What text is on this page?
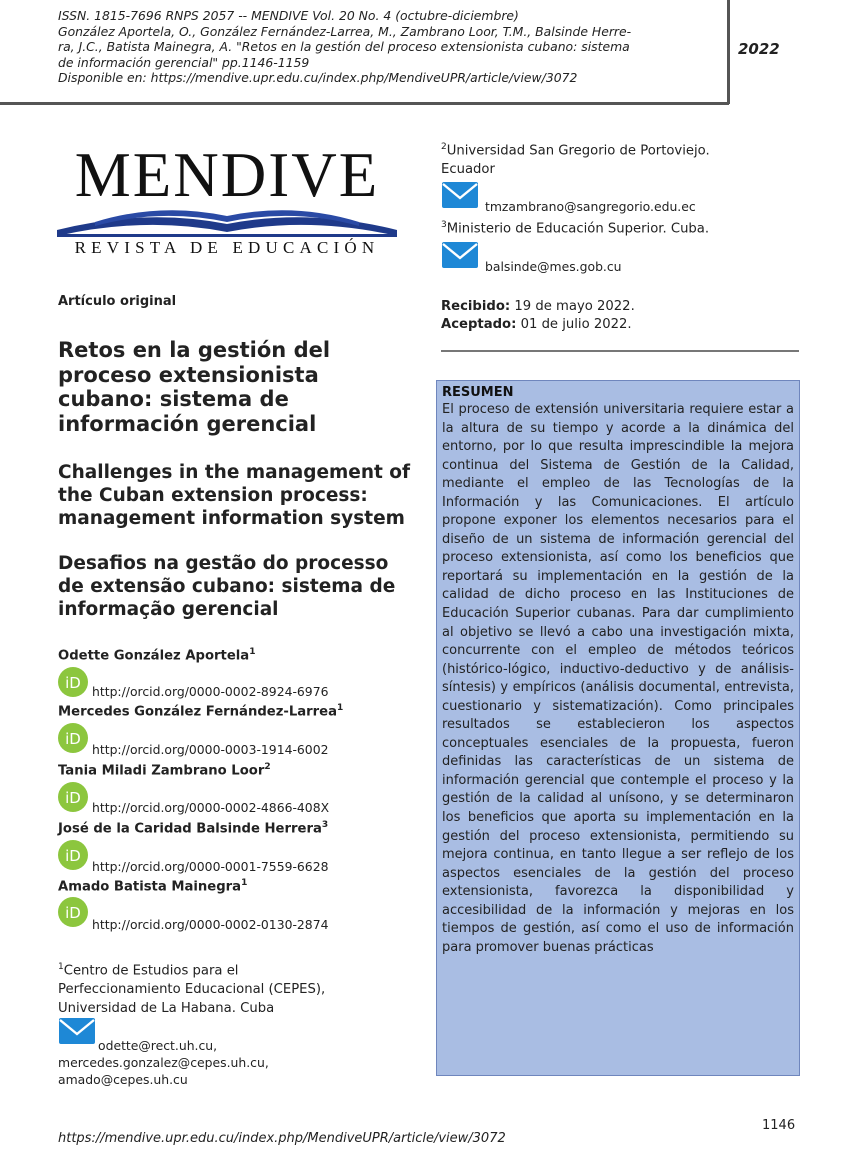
ISSN. 1815-7696 RNPS 2057 -- MENDIVE Vol. 20 No. 4 (octubre-diciembre)
González Aportela, O., González Fernández-Larrea, M., Zambrano Loor, T.M., Balsinde Herre-
ra, J.C., Batista Mainegra, A. "Retos en la gestión del proceso extensionista cubano: sistema
de información gerencial" pp.1146-1159
Disponible en: https://mendive.upr.edu.cu/index.php/MendiveUPR/article/view/3072
2022
MENDIVE
REVISTA DE EDUCACIÓN
Artículo original
Retos en la gestión del proceso extensionista cubano: sistema de información gerencial
Challenges in the management of the Cuban extension process: management information system
Desafios na gestão do processo de extensão cubano: sistema de informação gerencial
Odette González Aportela$^1$
iD http://orcid.org/0000-0002-8924-6976
Mercedes González Fernández-Larrea$^1$
iD
http://orcid.org/0000-0003-1914-6002
Tania Miladi Zambrano Loor$^2$
iD
http://orcid.org/0000-0002-4866-408X
José de la Caridad Balsinde Herrera$^3$
iD
http://orcid.org/0000-0001-7559-6628
Amado Batista Mainegra$^1$
iD
http://orcid.org/0000-0002-0130-2874
$^1$Centro de Estudios para el
Perfeccionamiento Educacional (CEPES),
Universidad de La Habana. Cuba
odette@rect.uh.cu,
mercedes.gonzalez@cepes.uh.cu,
amado@cepes.uh.cu
$^2$Universidad San Gregorio de Portoviejo.
Ecuador
tmzambrano@sangregorio.edu.ec
$^3$Ministerio de Educación Superior. Cuba.
balsinde@mes.gob.cu
Recibido: 19 de mayo 2022.
Aceptado: 01 de julio 2022.
RESUMEN
El proceso de extensión universitaria requiere estar a la altura de su tiempo y acorde a la dinámica del entorno, por lo que resulta imprescindible la mejora continua del Sistema de Gestión de la Calidad, mediante el empleo de las Tecnologías de la Información y las Comunicaciones. El artículo propone exponer los elementos necesarios para el diseño de un sistema de información gerencial del proceso extensionista, así como los beneficios que reportará su implementación en la gestión de la calidad de dicho proceso en las Instituciones de Educación Superior cubanas. Para dar cumplimiento al objetivo se llevó a cabo una investigación mixta, concurrente con el empleo de métodos teóricos (histórico-lógico, inductivo-deductivo y de análisis-síntesis) y empíricos (análisis documental, entrevista, cuestionario y sistematización). Como principales resultados se establecieron los aspectos conceptuales esenciales de la propuesta, fueron definidas las características de un sistema de información gerencial que contemple el proceso y la gestión de la calidad al unísono, y se determinaron los beneficios que aporta su implementación en la gestión del proceso extensionista, permitiendo su mejora continua, en tanto llegue a ser reflejo de los aspectos esenciales de la gestión del proceso extensionista, favorezca la disponibilidad y accesibilidad de la información y mejoras en los tiempos de gestión, así como el uso de información para promover buenas prácticas
https://mendive.upr.edu.cu/index.php/MendiveUPR/article/view/3072
1146
